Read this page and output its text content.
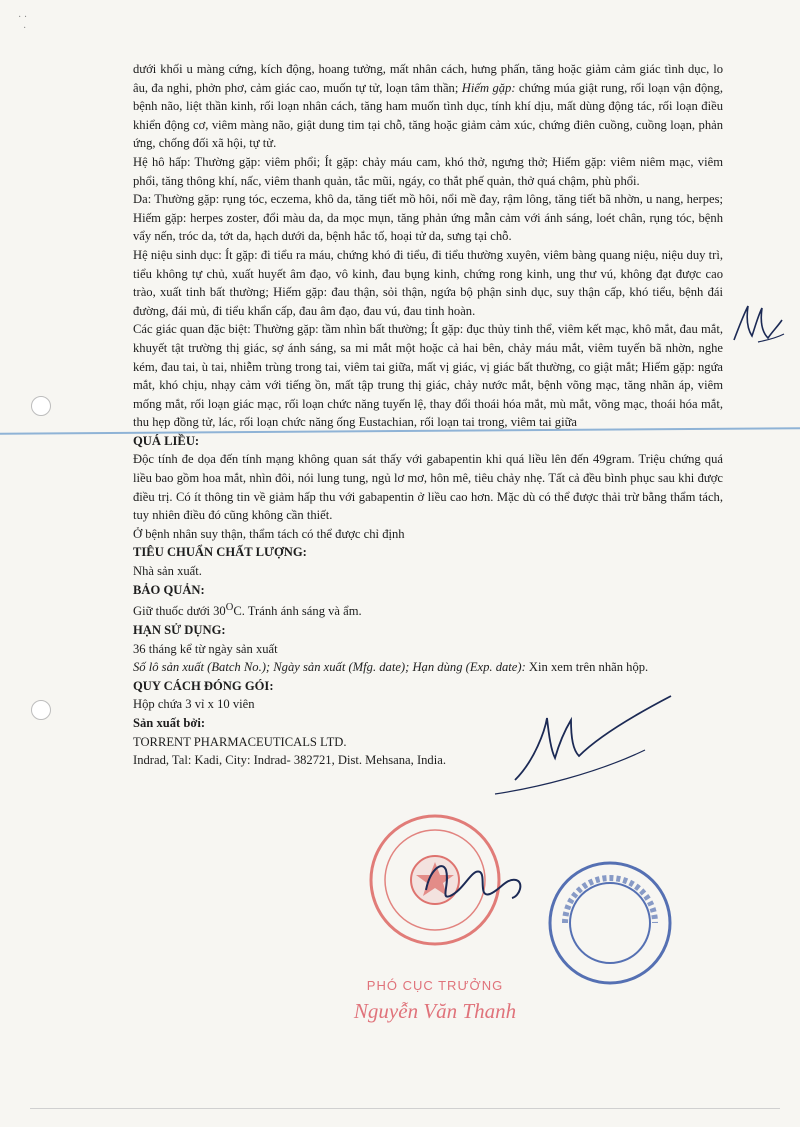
· ·
·

dưới khối u màng cứng, kích động, hoang tưởng, mất nhân cách, hưng phấn, tăng hoặc giảm cảm giác tình dục, lo âu, đa nghi, phởn phơ, cảm giác cao, muốn tự tử, loạn tâm thần; Hiếm gặp: chứng múa giật rung, rối loạn vận động, bệnh não, liệt thần kinh, rối loạn nhân cách, tăng ham muốn tình dục, tính khí dịu, mất dùng động tác, rối loạn điều khiển động cơ, viêm màng não, giật dung tim tại chỗ, tăng hoặc giảm cảm xúc, chứng điên cuồng, cuồng loạn, phản ứng, chống đối xã hội, tự tử.

Hệ hô hấp: Thường gặp: viêm phổi; Ít gặp: chảy máu cam, khó thở, ngưng thở; Hiếm gặp: viêm niêm mạc, viêm phổi, tăng thông khí, nấc, viêm thanh quản, tắc mũi, ngáy, co thắt phế quản, thở quá chậm, phù phổi.

Da: Thường gặp: rụng tóc, eczema, khô da, tăng tiết mồ hôi, nổi mề đay, rậm lông, tăng tiết bã nhờn, u nang, herpes; Hiếm gặp: herpes zoster, đổi màu da, da mọc mụn, tăng phản ứng mẫn cảm với ánh sáng, loét chân, rụng tóc, bệnh vẩy nến, tróc da, tớt da, hạch dưới da, bệnh hắc tố, hoại tử da, sưng tại chỗ.

Hệ niệu sinh dục: Ít gặp: đi tiểu ra máu, chứng khó đi tiểu, đi tiểu thường xuyên, viêm bàng quang niệu, niệu duy trì, tiểu không tự chủ, xuất huyết âm đạo, vô kinh, đau bụng kinh, chứng rong kinh, ung thư vú, không đạt được cao trào, xuất tinh bất thường; Hiếm gặp: đau thận, sỏi thận, ngứa bộ phận sinh dục, suy thận cấp, khó tiểu, bệnh đái đường, đái mủ, đi tiểu khẩn cấp, đau âm đạo, đau vú, đau tinh hoàn.

Các giác quan đặc biệt: Thường gặp: tầm nhìn bất thường; Ít gặp: đục thủy tinh thể, viêm kết mạc, khô mắt, đau mắt, khuyết tật trường thị giác, sợ ánh sáng, sa mi mắt một hoặc cả hai bên, chảy máu mắt, viêm tuyến bã nhờn, nghe kém, đau tai, ù tai, nhiễm trùng trong tai, viêm tai giữa, mất vị giác, vị giác bất thường, co giật mắt; Hiếm gặp: ngứa mắt, khó chịu, nhạy cảm với tiếng ồn, mất tập trung thị giác, chảy nước mắt, bệnh võng mạc, tăng nhãn áp, viêm mống mắt, rối loạn giác mạc, rối loạn chức năng tuyến lệ, thay đổi thoái hóa mắt, mù mắt, võng mạc, thoái hóa mắt, thu hẹp đồng tử, lác, rối loạn chức năng ống Eustachian, rối loạn tai trong, viêm tai giữa

QUÁ LIỀU:

Độc tính đe dọa đến tính mạng không quan sát thấy với gabapentin khi quá liều lên đến 49gram. Triệu chứng quá liều bao gồm hoa mắt, nhìn đôi, nói lung tung, ngủ lơ mơ, hôn mê, tiêu chảy nhẹ. Tất cả đều bình phục sau khi được điều trị. Có ít thông tin về giảm hấp thu với gabapentin ở liều cao hơn. Mặc dù có thể được thải trừ bằng thẩm tách, tuy nhiên điều đó cũng không cần thiết.

Ở bệnh nhân suy thận, thẩm tách có thể được chỉ định

TIÊU CHUẨN CHẤT LƯỢNG:

Nhà sản xuất.

BẢO QUẢN:

Giữ thuốc dưới $30^OC$. Tránh ánh sáng và ẩm.

HẠN SỬ DỤNG:

36 tháng kể từ ngày sản xuất

Số lô sản xuất (Batch No.); Ngày sản xuất (Mfg. date); Hạn dùng (Exp. date): Xin xem trên nhãn hộp.

QUY CÁCH ĐÓNG GÓI:

Hộp chứa 3 vỉ x 10 viên

Sản xuất bởi:

TORRENT PHARMACEUTICALS LTD.

Indrad, Tal: Kadi, City: Indrad- 382721, Dist. Mehsana, India.

PHÓ CỤC TRƯỞNG
Nguyễn Văn Thanh
